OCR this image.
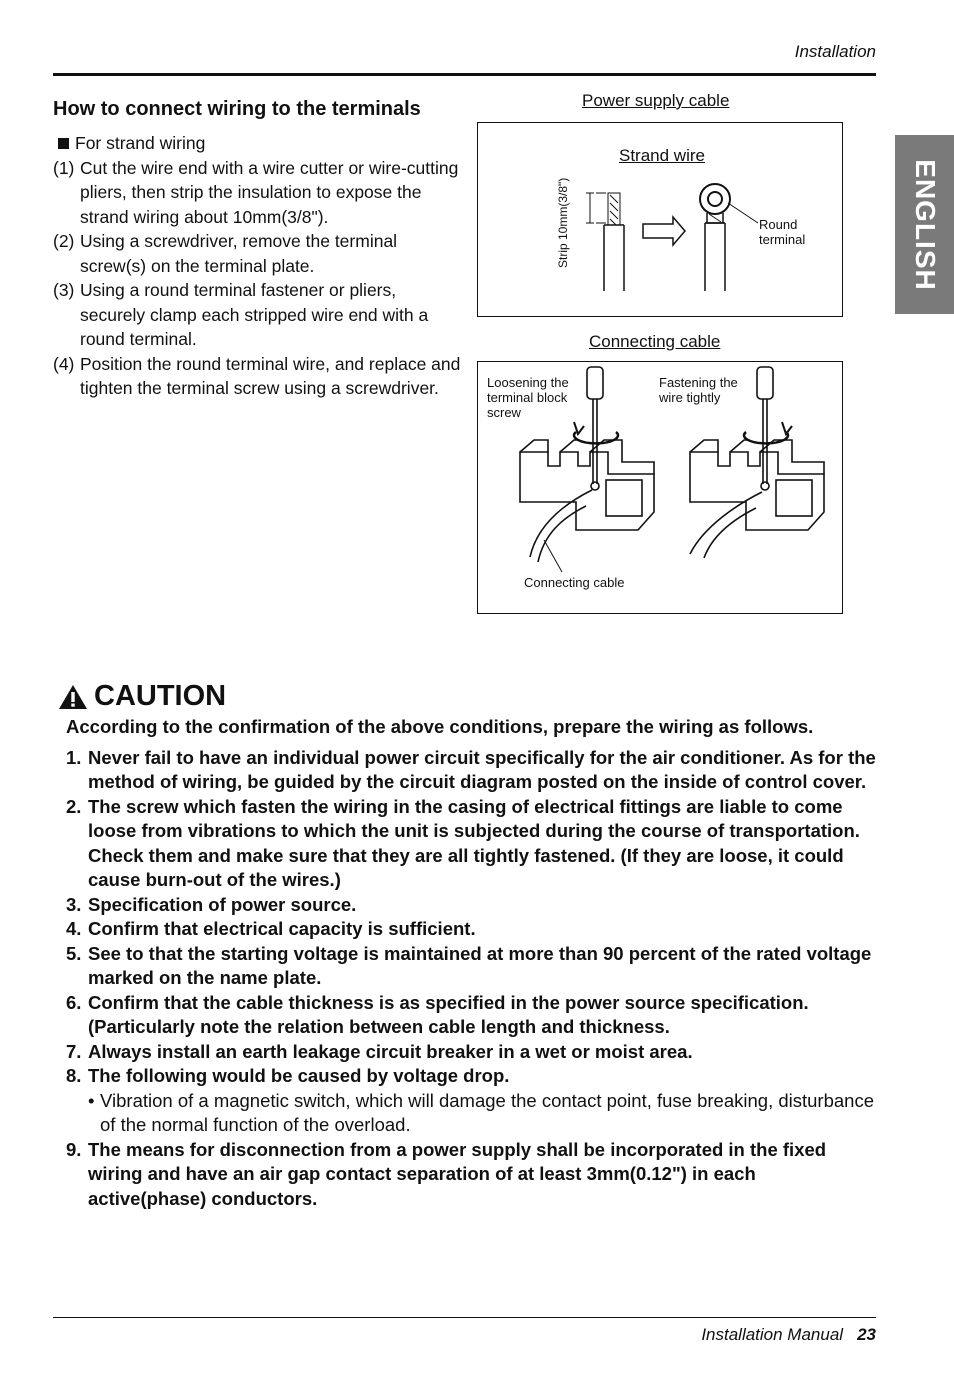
Installation
ENGLISH
How to connect wiring to the terminals
For strand wiring
(1) Cut the wire end with a wire cutter or wire-cutting pliers, then strip the insulation to expose the strand wiring about 10mm(3/8").
(2) Using a screwdriver, remove the terminal screw(s) on the terminal plate.
(3) Using a round terminal fastener or pliers, securely clamp each stripped wire end with a round terminal.
(4) Position the round terminal wire, and replace and tighten the terminal screw using a screwdriver.
Power supply cable
Strand wire
Strip 10mm(3/8")	Round
terminal
Connecting cable
Loosening the
terminal block
screw
Fastening the
wire tightly
Connecting cable
CAUTION
According to the confirmation of the above conditions, prepare the wiring as follows.
1. Never fail to have an individual power circuit specifically for the air conditioner. As for the method of wiring, be guided by the circuit diagram posted on the inside of control cover.
2. The screw which fasten the wiring in the casing of electrical fittings are liable to come loose from vibrations to which the unit is subjected during the course of transportation. Check them and make sure that they are all tightly fastened. (If they are loose, it could cause burn-out of the wires.)
3. Specification of power source.
4. Confirm that electrical capacity is sufficient.
5. See to that the starting voltage is maintained at more than 90 percent of the rated voltage marked on the name plate.
6. Confirm that the cable thickness is as specified in the power source specification. (Particularly note the relation between cable length and thickness.
7. Always install an earth leakage circuit breaker in a wet or moist area.
8. The following would be caused by voltage drop.
• Vibration of a magnetic switch, which will damage the contact point, fuse breaking, disturbance of the normal function of the overload.
9. The means for disconnection from a power supply shall be incorporated in the fixed wiring and have an air gap contact separation of at least 3mm(0.12") in each active(phase) conductors.
Installation Manual 23
